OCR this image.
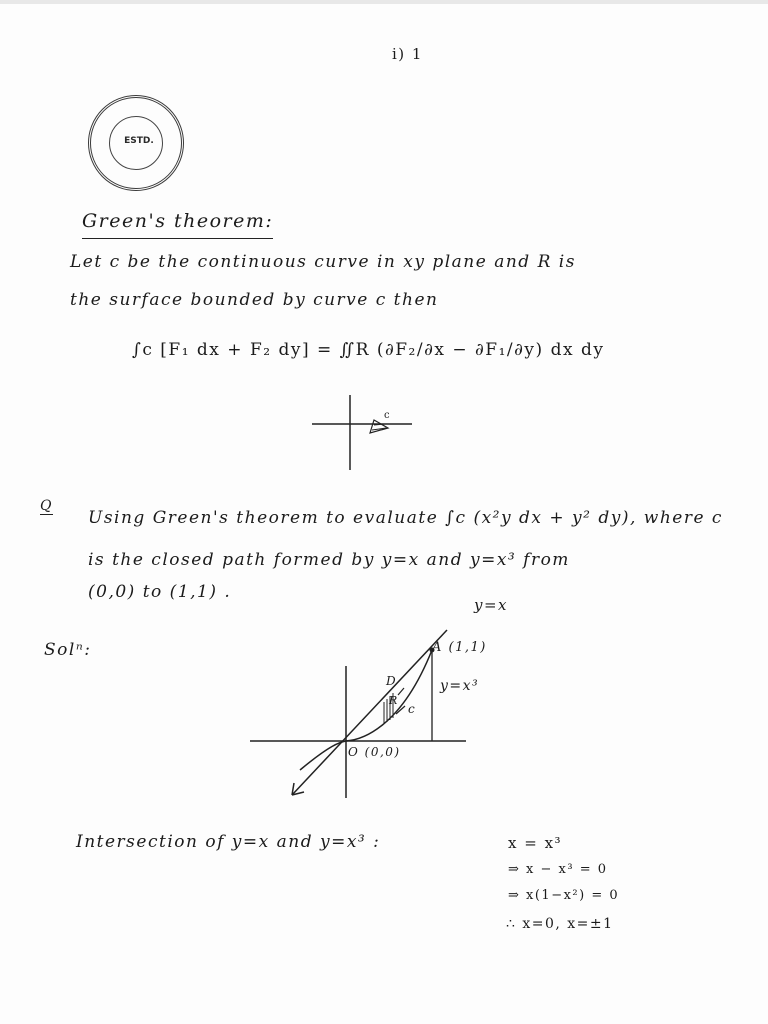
ⅰ) 1
ESTD.
Green's theorem:
Let c be the continuous curve in xy plane and R is
the surface bounded by curve c then
∫c [F₁ dx + F₂ dy] = ∬R (∂F₂/∂x − ∂F₁/∂y) dx dy
c
Q
Using Green's theorem to evaluate ∫c (x²y dx + y² dy), where c
is the closed path formed by y=x and y=x³ from
(0,0) to (1,1) .
Solⁿ:
y=x
A (1,1)
y=x³
O (0,0)
D
R
c
Intersection of y=x and y=x³ :	x = x³
⇒ x − x³ = 0
⇒ x(1−x²) = 0
∴ x=0, x=±1
